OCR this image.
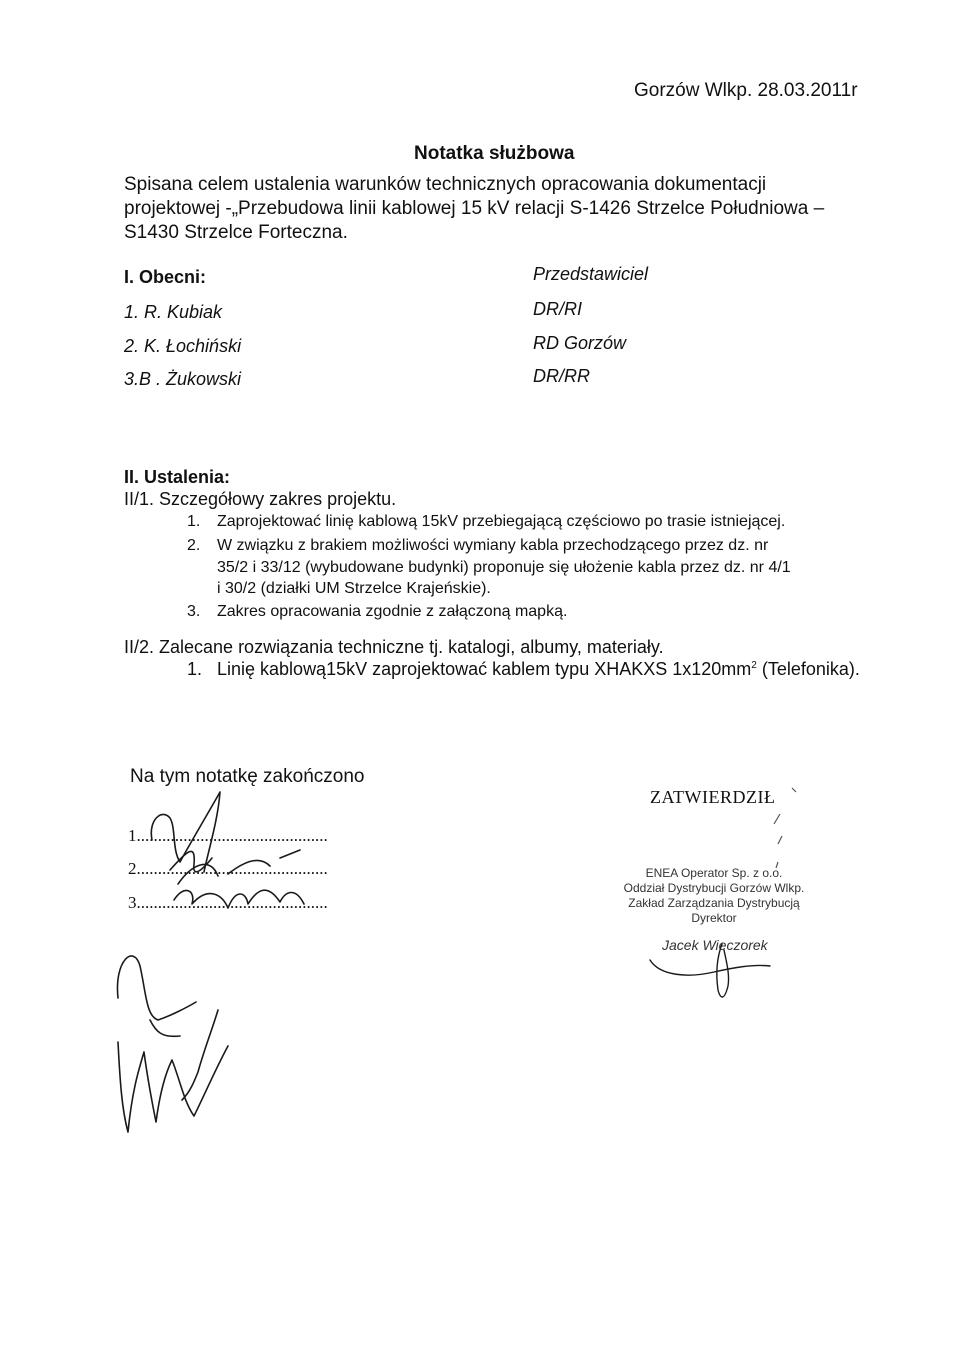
Gorzów Wlkp. 28.03.2011r
Notatka służbowa
Spisana celem ustalenia warunków technicznych opracowania dokumentacji projektowej -„Przebudowa linii kablowej 15 kV relacji S-1426 Strzelce Południowa – S1430 Strzelce Forteczna.
I. Obecni:	Przedstawiciel
1. R. Kubiak	DR/RI
2. K. Łochiński	RD Gorzów
3.B . Żukowski	DR/RR
II. Ustalenia:
II/1. Szczegółowy zakres projektu.
1. Zaprojektować linię kablową 15kV przebiegającą częściowo po trasie istniejącej.
2. W związku z brakiem możliwości wymiany kabla przechodzącego przez dz. nr
35/2 i 33/12 (wybudowane budynki) proponuje się ułożenie kabla przez dz. nr 4/1
i 30/2 (działki UM Strzelce Krajeńskie).
3. Zakres opracowania zgodnie z załączoną mapką.
II/2. Zalecane rozwiązania techniczne tj. katalogi, albumy, materiały.
1. Linię kablową15kV zaprojektować kablem typu XHAKXS $1x120mm^2$ (Telefonika).
Na tym notatkę zakończono
1.............................................
2.............................................
3.............................................
ZATWIERDZIŁ
ENEA Operator Sp. z o.o.
Oddział Dystrybucji Gorzów Wlkp.
Zakład Zarządzania Dystrybucją
Dyrektor
Jacek Wieczorek
